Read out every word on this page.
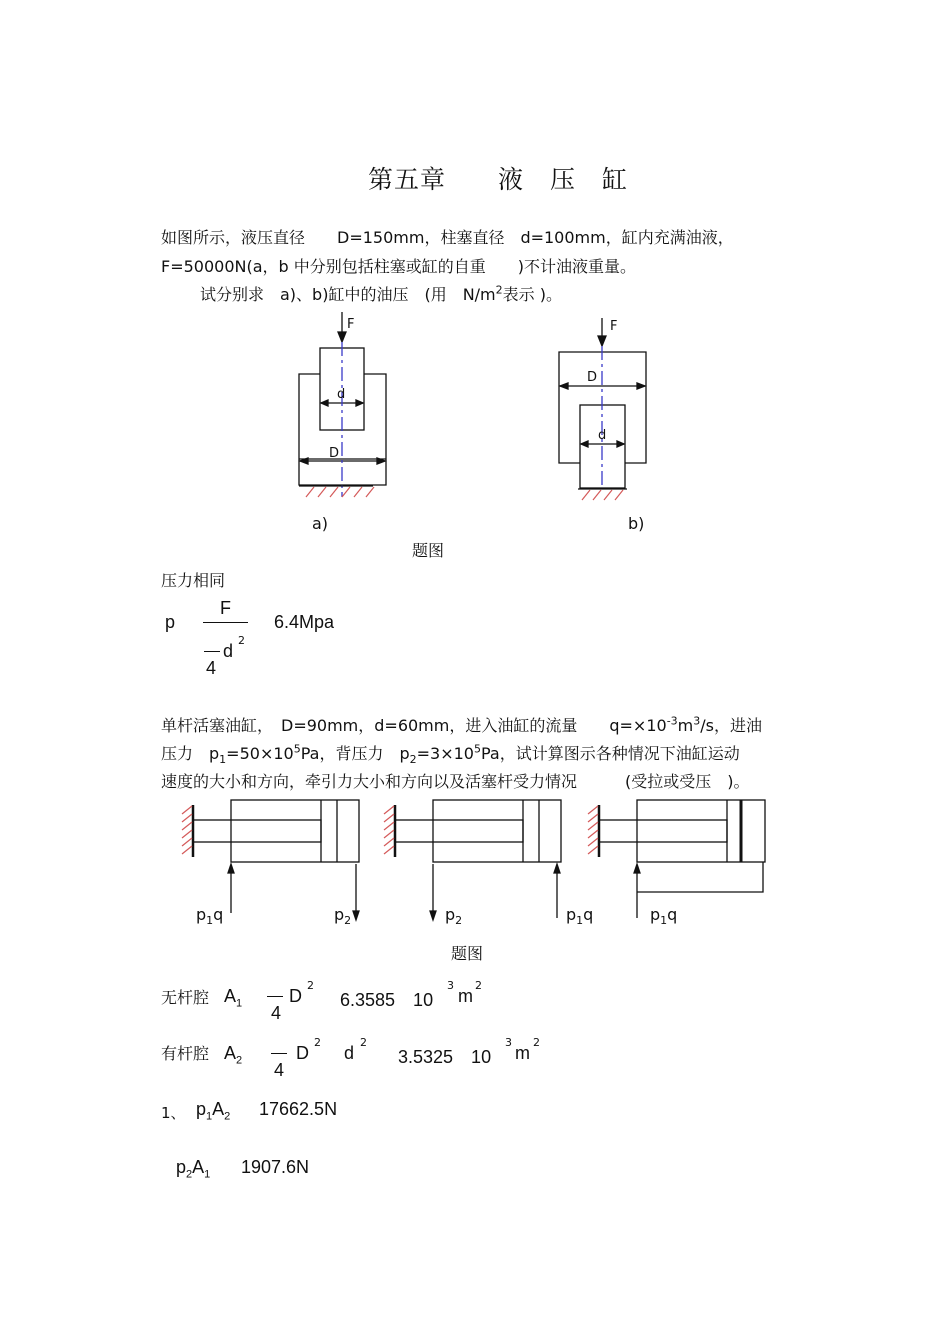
第五章　　液　压　缸
如图所示，液压直径　　D=150mm，柱塞直径　d=100mm，缸内充满油液，
F=50000N(a，b 中分别包括柱塞或缸的自重　　)不计油液重量。
试分别求　a)、b)缸中的油压　(用　$N/m^2$表示 )。
F
d
D
a)
F
D
d
b)
题图
压力相同
p
F
d
2
4
6.4Mpa
单杆活塞油缸，　D=90mm，d=60mm，进入油缸的流量　　$q=\times 10^{-3}m^3/s$，进油
压力　$p_1=50\times 10^5Pa$，背压力　$p_2=3\times 10^5Pa$，试计算图示各种情况下油缸运动
速度的大小和方向，牵引力大小和方向以及活塞杆受力情况　　　(受拉或受压　)。
$p_1q$	$p_2$	$p_2$	$p_1q$	$p_1q$
题图
无杆腔 $A_1$ 4
D
2
6.3585　10
3
m
2
有杆腔 $A_2$ 4
D
2
d
2
3.5325　10
3
m
2
1、 $p_1A_2$ 17662.5N
$p_2A_1$ 1907.6N
